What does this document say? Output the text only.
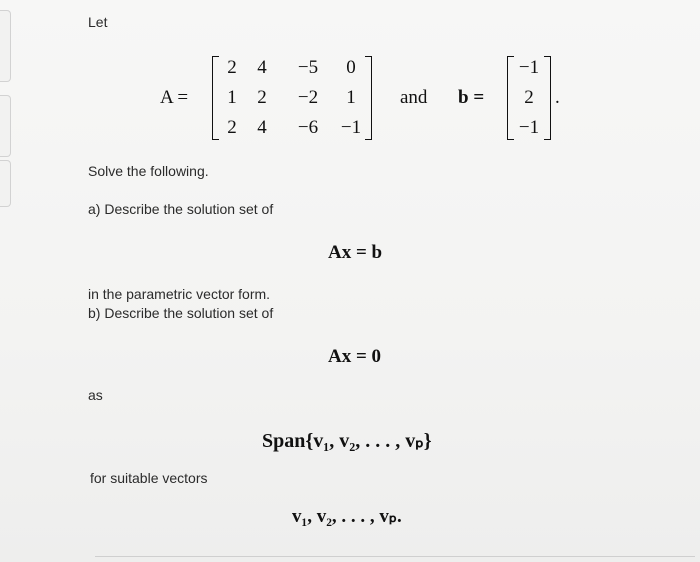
Let
A =
2	4	−5	0
1	2	−2	1
2	4	−6	−1
and b =
−1
2
−1
.
Solve the following.
a) Describe the solution set of
Ax = b
in the parametric vector form.
b) Describe the solution set of
Ax = 0
as
Span{v₁, v₂, . . . , vₚ}
for suitable vectors
v₁, v₂, . . . , vₚ.
